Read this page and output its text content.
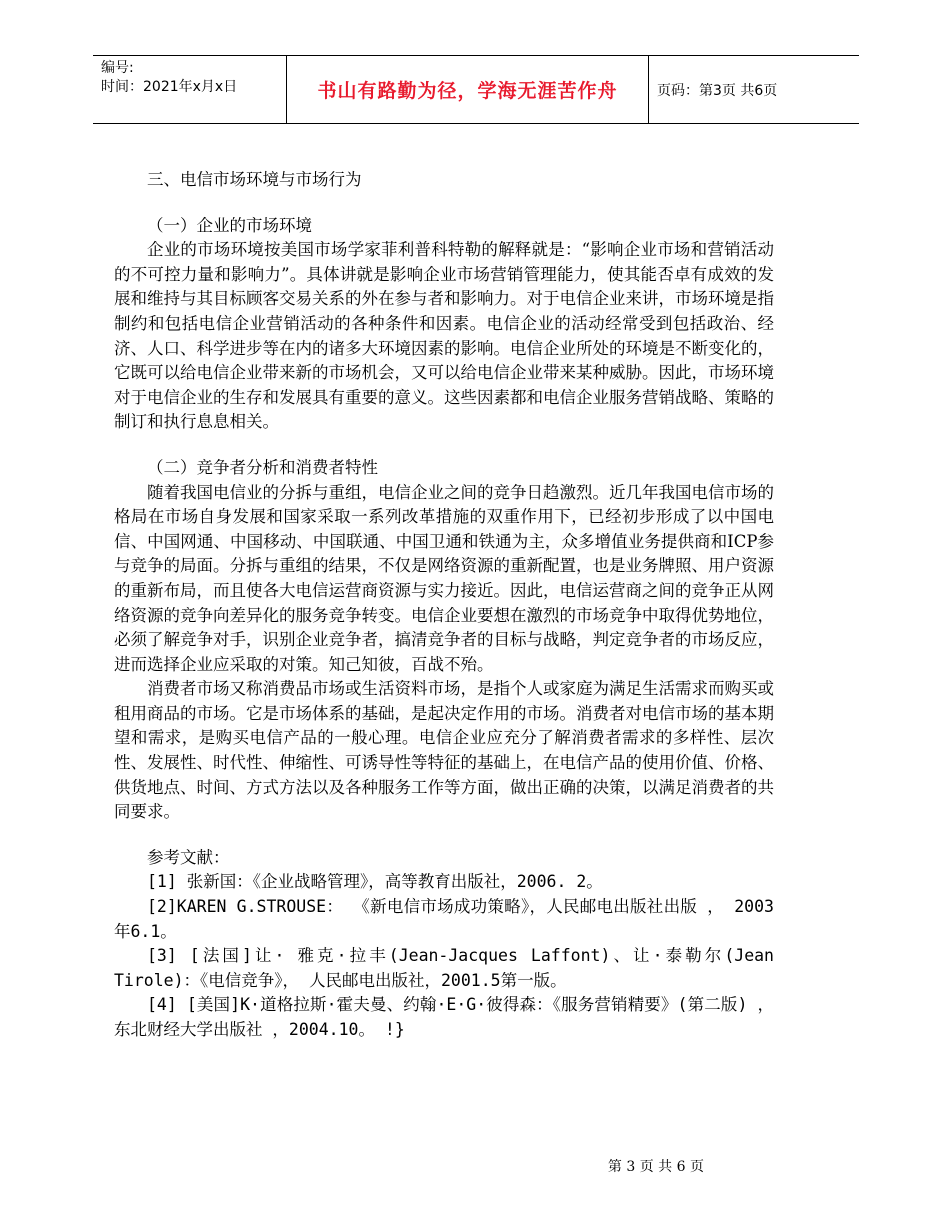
编号:
时间：2021年x月x日	书山有路勤为径，学海无涯苦作舟	页码：第3页 共6页

三、电信市场环境与市场行为

（一）企业的市场环境

企业的市场环境按美国市场学家菲利普科特勒的解释就是：“影响企业市场和营销活动的不可控力量和影响力”。具体讲就是影响企业市场营销管理能力，使其能否卓有成效的发展和维持与其目标顾客交易关系的外在参与者和影响力。对于电信企业来讲，市场环境是指制约和包括电信企业营销活动的各种条件和因素。电信企业的活动经常受到包括政治、经济、人口、科学进步等在内的诸多大环境因素的影响。电信企业所处的环境是不断变化的，它既可以给电信企业带来新的市场机会，又可以给电信企业带来某种威胁。因此，市场环境对于电信企业的生存和发展具有重要的意义。这些因素都和电信企业服务营销战略、策略的制订和执行息息相关。

（二）竞争者分析和消费者特性

随着我国电信业的分拆与重组，电信企业之间的竞争日趋激烈。近几年我国电信市场的格局在市场自身发展和国家采取一系列改革措施的双重作用下，已经初步形成了以中国电信、中国网通、中国移动、中国联通、中国卫通和铁通为主，众多增值业务提供商和ICP参与竞争的局面。分拆与重组的结果，不仅是网络资源的重新配置，也是业务牌照、用户资源的重新布局，而且使各大电信运营商资源与实力接近。因此，电信运营商之间的竞争正从网络资源的竞争向差异化的服务竞争转变。电信企业要想在激烈的市场竞争中取得优势地位，必须了解竞争对手，识别企业竞争者，搞清竞争者的目标与战略，判定竞争者的市场反应，进而选择企业应采取的对策。知己知彼，百战不殆。

消费者市场又称消费品市场或生活资料市场，是指个人或家庭为满足生活需求而购买或租用商品的市场。它是市场体系的基础，是起决定作用的市场。消费者对电信市场的基本期望和需求，是购买电信产品的一般心理。电信企业应充分了解消费者需求的多样性、层次性、发展性、时代性、伸缩性、可诱导性等特征的基础上，在电信产品的使用价值、价格、供货地点、时间、方式方法以及各种服务工作等方面，做出正确的决策，以满足消费者的共同要求。

参考文献：

[1] 张新国：《企业战略管理》，高等教育出版社，2006. 2。

[2]KAREN G.STROUSE： 《新电信市场成功策略》，人民邮电出版社出版 ， 2003年6.1。

[3] [法国]让· 雅克·拉丰(Jean-Jacques Laffont)、让·泰勒尔(Jean Tirole)：《电信竞争》， 人民邮电出版社，2001.5第一版。

[4] [美国]K·道格拉斯·霍夫曼、约翰·E·G·彼得森：《服务营销精要》(第二版) ，东北财经大学出版社 ，2004.10。 !}

第 3 页 共 6 页
